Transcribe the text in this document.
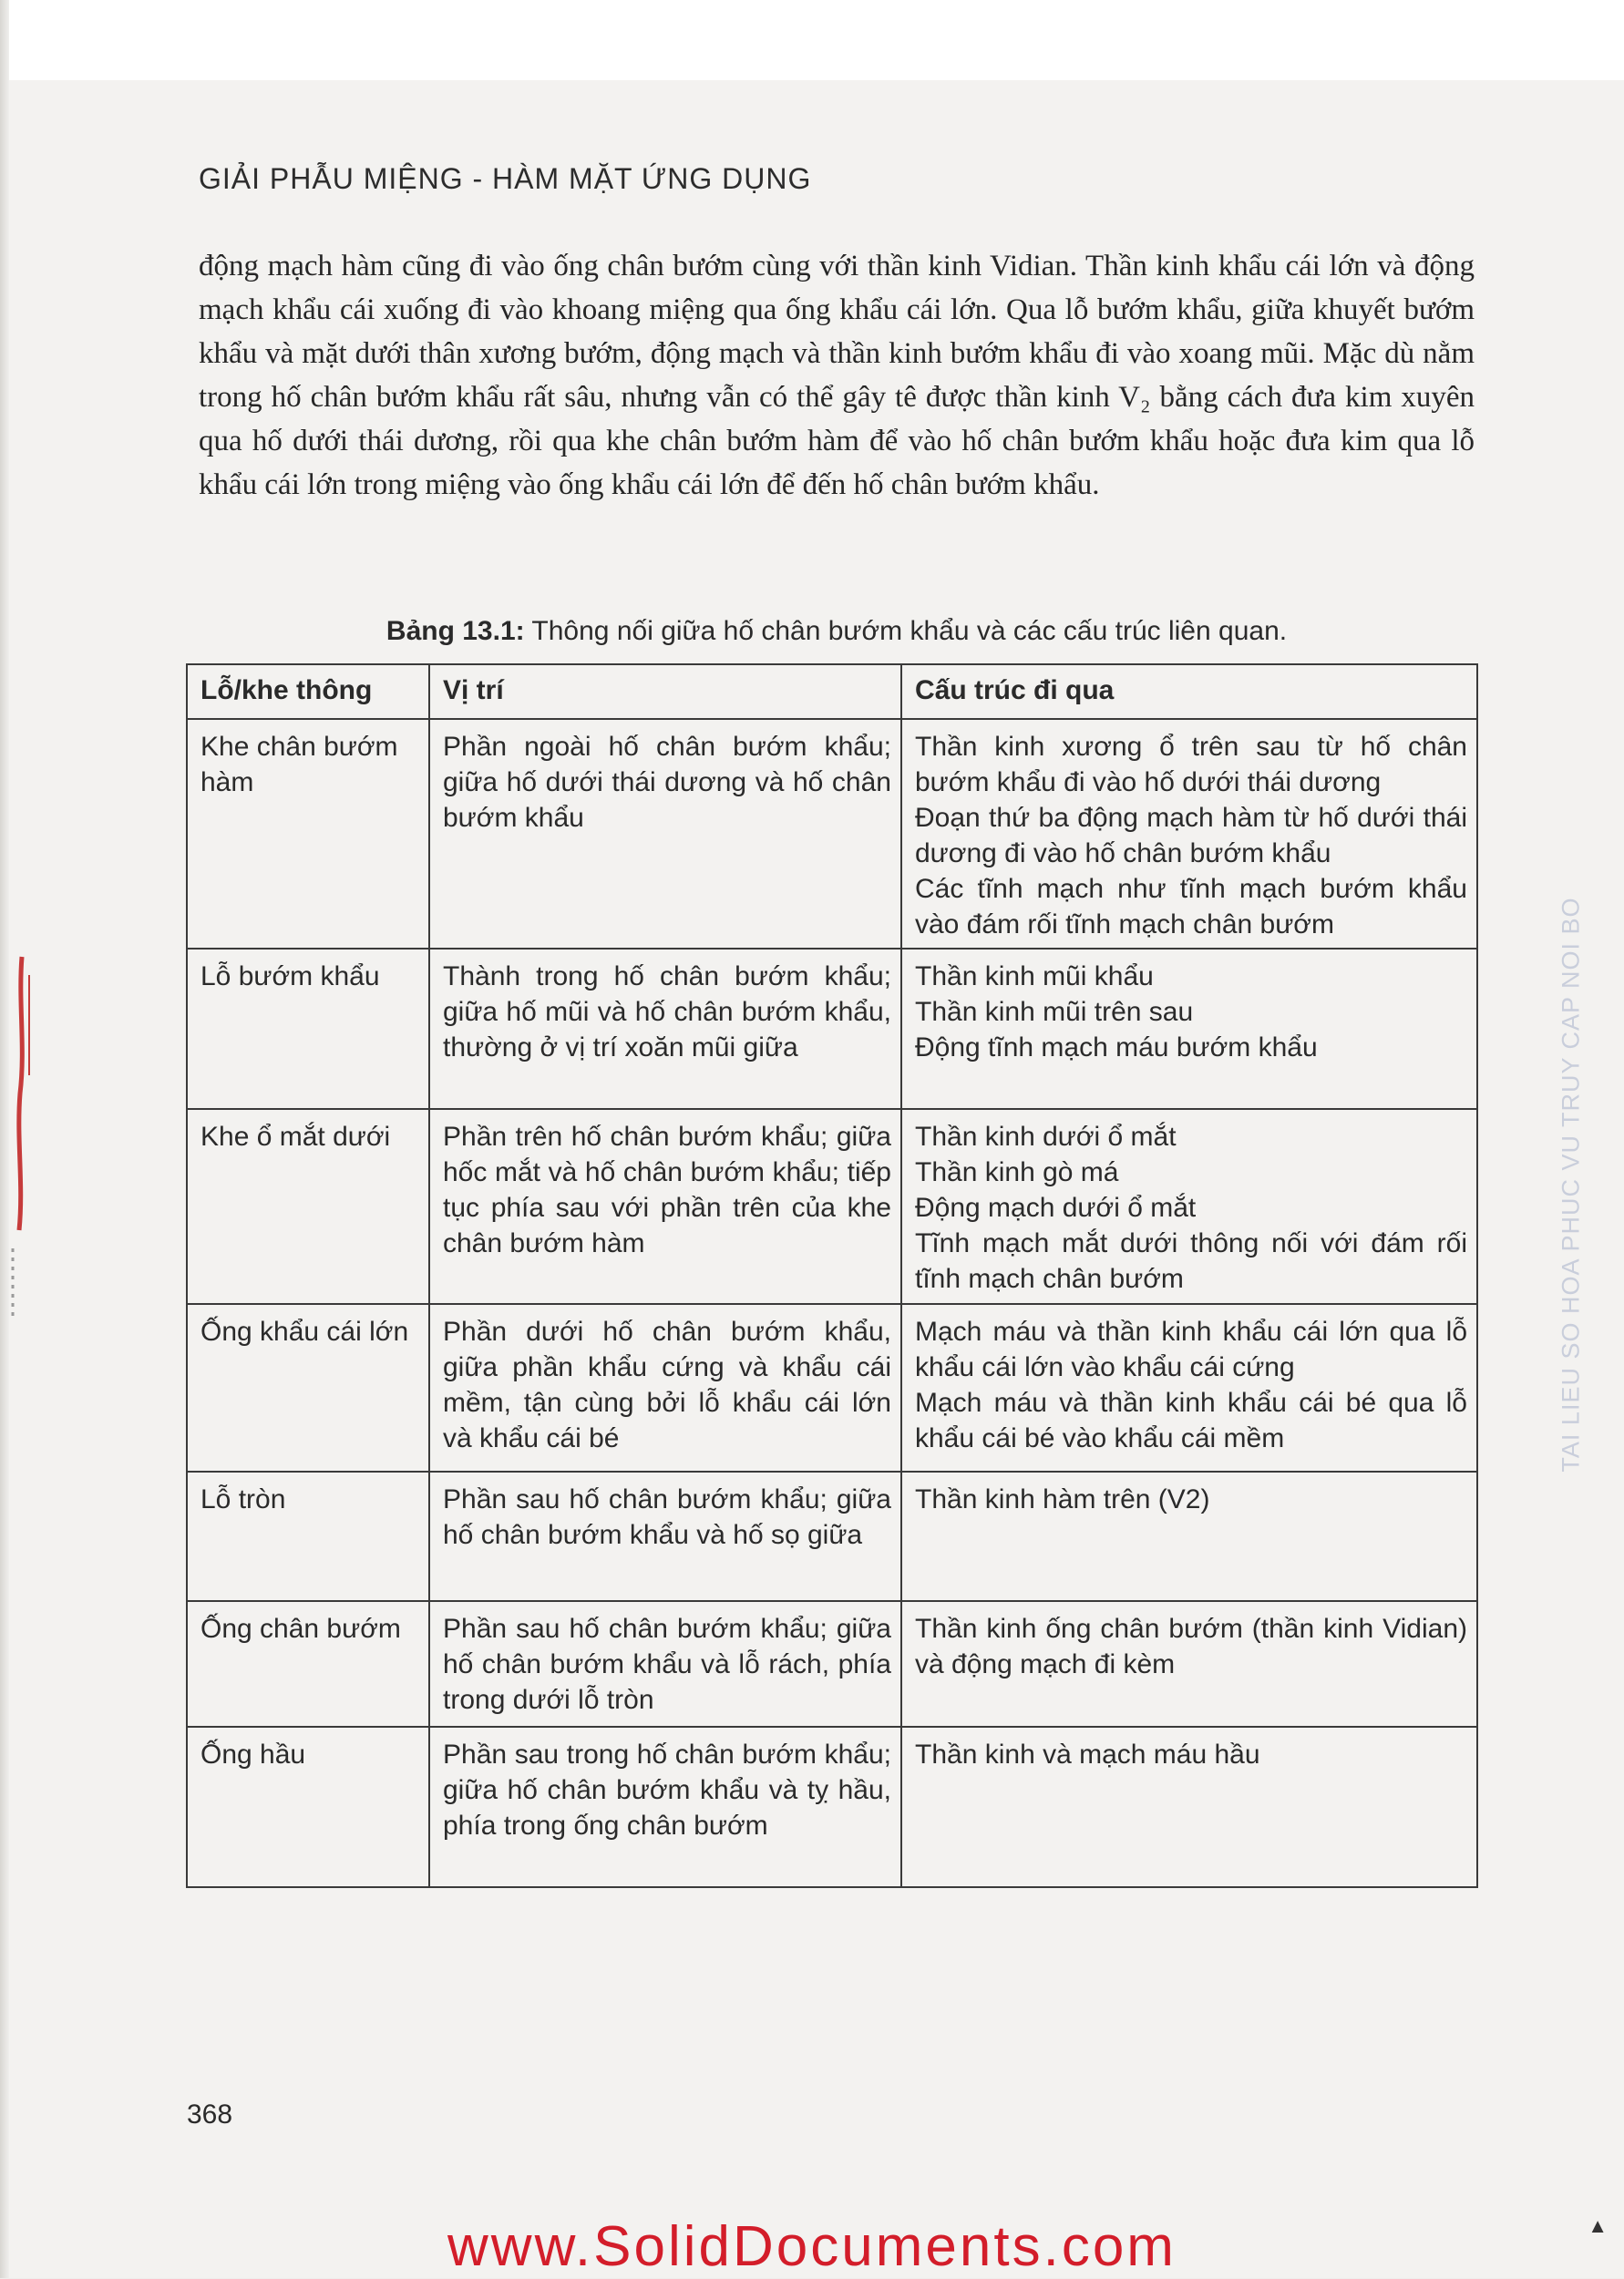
GIẢI PHẪU MIỆNG - HÀM MẶT ỨNG DỤNG

động mạch hàm cũng đi vào ống chân bướm cùng với thần kinh Vidian. Thần kinh khẩu cái lớn và động mạch khẩu cái xuống đi vào khoang miệng qua ống khẩu cái lớn. Qua lỗ bướm khẩu, giữa khuyết bướm khẩu và mặt dưới thân xương bướm, động mạch và thần kinh bướm khẩu đi vào xoang mũi. Mặc dù nằm trong hố chân bướm khẩu rất sâu, nhưng vẫn có thể gây tê được thần kinh V₂ bằng cách đưa kim xuyên qua hố dưới thái dương, rồi qua khe chân bướm hàm để vào hố chân bướm khẩu hoặc đưa kim qua lỗ khẩu cái lớn trong miệng vào ống khẩu cái lớn để đến hố chân bướm khẩu.

Bảng 13.1: Thông nối giữa hố chân bướm khẩu và các cấu trúc liên quan.
Lỗ/khe thông	Vị trí	Cấu trúc đi qua
Khe chân bướm hàm	Phần ngoài hố chân bướm khẩu; giữa hố dưới thái dương và hố chân bướm khẩu	Thần kinh xương ổ trên sau từ hố chân bướm khẩu đi vào hố dưới thái dương
Đoạn thứ ba động mạch hàm từ hố dưới thái dương đi vào hố chân bướm khẩu
Các tĩnh mạch như tĩnh mạch bướm khẩu vào đám rối tĩnh mạch chân bướm

Lỗ bướm khẩu	Thành trong hố chân bướm khẩu; giữa hố mũi và hố chân bướm khẩu, thường ở vị trí xoăn mũi giữa	Thần kinh mũi khẩu
Thần kinh mũi trên sau
Động tĩnh mạch máu bướm khẩu

Khe ổ mắt dưới	Phần trên hố chân bướm khẩu; giữa hốc mắt và hố chân bướm khẩu; tiếp tục phía sau với phần trên của khe chân bướm hàm	Thần kinh dưới ổ mắt
Thần kinh gò má
Động mạch dưới ổ mắt
Tĩnh mạch mắt dưới thông nối với đám rối tĩnh mạch chân bướm

Ống khẩu cái lớn	Phần dưới hố chân bướm khẩu, giữa phần khẩu cứng và khẩu cái mềm, tận cùng bởi lỗ khẩu cái lớn và khẩu cái bé	Mạch máu và thần kinh khẩu cái lớn qua lỗ khẩu cái lớn vào khẩu cái cứng
Mạch máu và thần kinh khẩu cái bé qua lỗ khẩu cái bé vào khẩu cái mềm

Lỗ tròn	Phần sau hố chân bướm khẩu; giữa hố chân bướm khẩu và hố sọ giữa	Thần kinh hàm trên (V2)

Ống chân bướm	Phần sau hố chân bướm khẩu; giữa hố chân bướm khẩu và lỗ rách, phía trong dưới lỗ tròn	Thần kinh ống chân bướm (thần kinh Vidian) và động mạch đi kèm

Ống hầu	Phần sau trong hố chân bướm khẩu; giữa hố chân bướm khẩu và tỵ hầu, phía trong ống chân bướm	Thần kinh và mạch máu hầu
368
TAI LIEU SO HOA PHUC VU TRUY CAP NOI BO
www.SolidDocuments.com	▲
